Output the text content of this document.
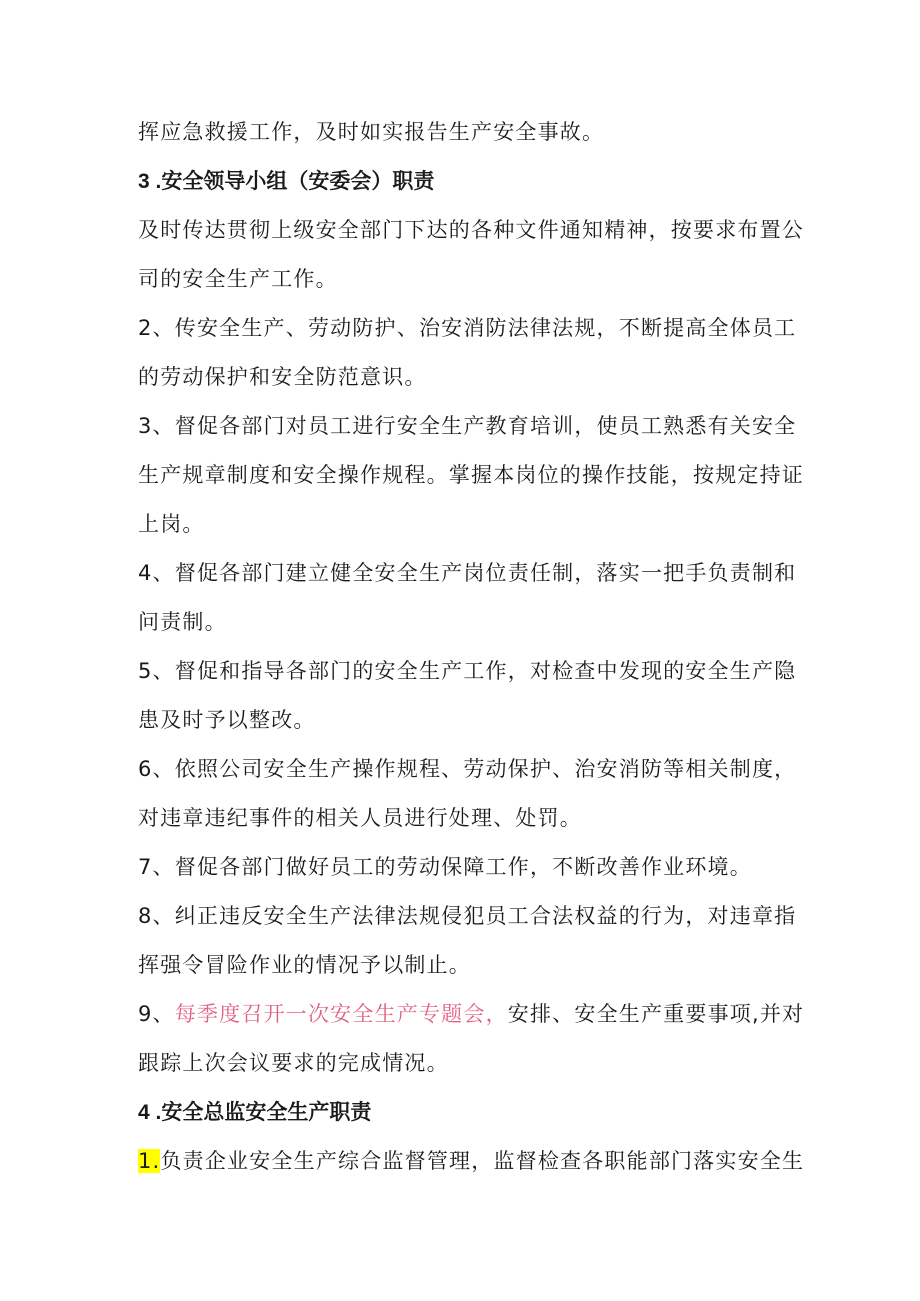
挥应急救援工作，及时如实报告生产安全事故。
3 .安全领导小组（安委会）职责
及时传达贯彻上级安全部门下达的各种文件通知精神，按要求布置公
司的安全生产工作。
2、传安全生产、劳动防护、治安消防法律法规，不断提高全体员工
的劳动保护和安全防范意识。
3、督促各部门对员工进行安全生产教育培训，使员工熟悉有关安全
生产规章制度和安全操作规程。掌握本岗位的操作技能，按规定持证
上岗。
4、督促各部门建立健全安全生产岗位责任制，落实一把手负责制和
问责制。
5、督促和指导各部门的安全生产工作，对检查中发现的安全生产隐
患及时予以整改。
6、依照公司安全生产操作规程、劳动保护、治安消防等相关制度，
对违章违纪事件的相关人员进行处理、处罚。
7、督促各部门做好员工的劳动保障工作，不断改善作业环境。
8、纠正违反安全生产法律法规侵犯员工合法权益的行为，对违章指
挥强令冒险作业的情况予以制止。
9、每季度召开一次安全生产专题会，安排、安全生产重要事项,并对
跟踪上次会议要求的完成情况。
4 .安全总监安全生产职责
1.负责企业安全生产综合监督管理，监督检查各职能部门落实安全生
